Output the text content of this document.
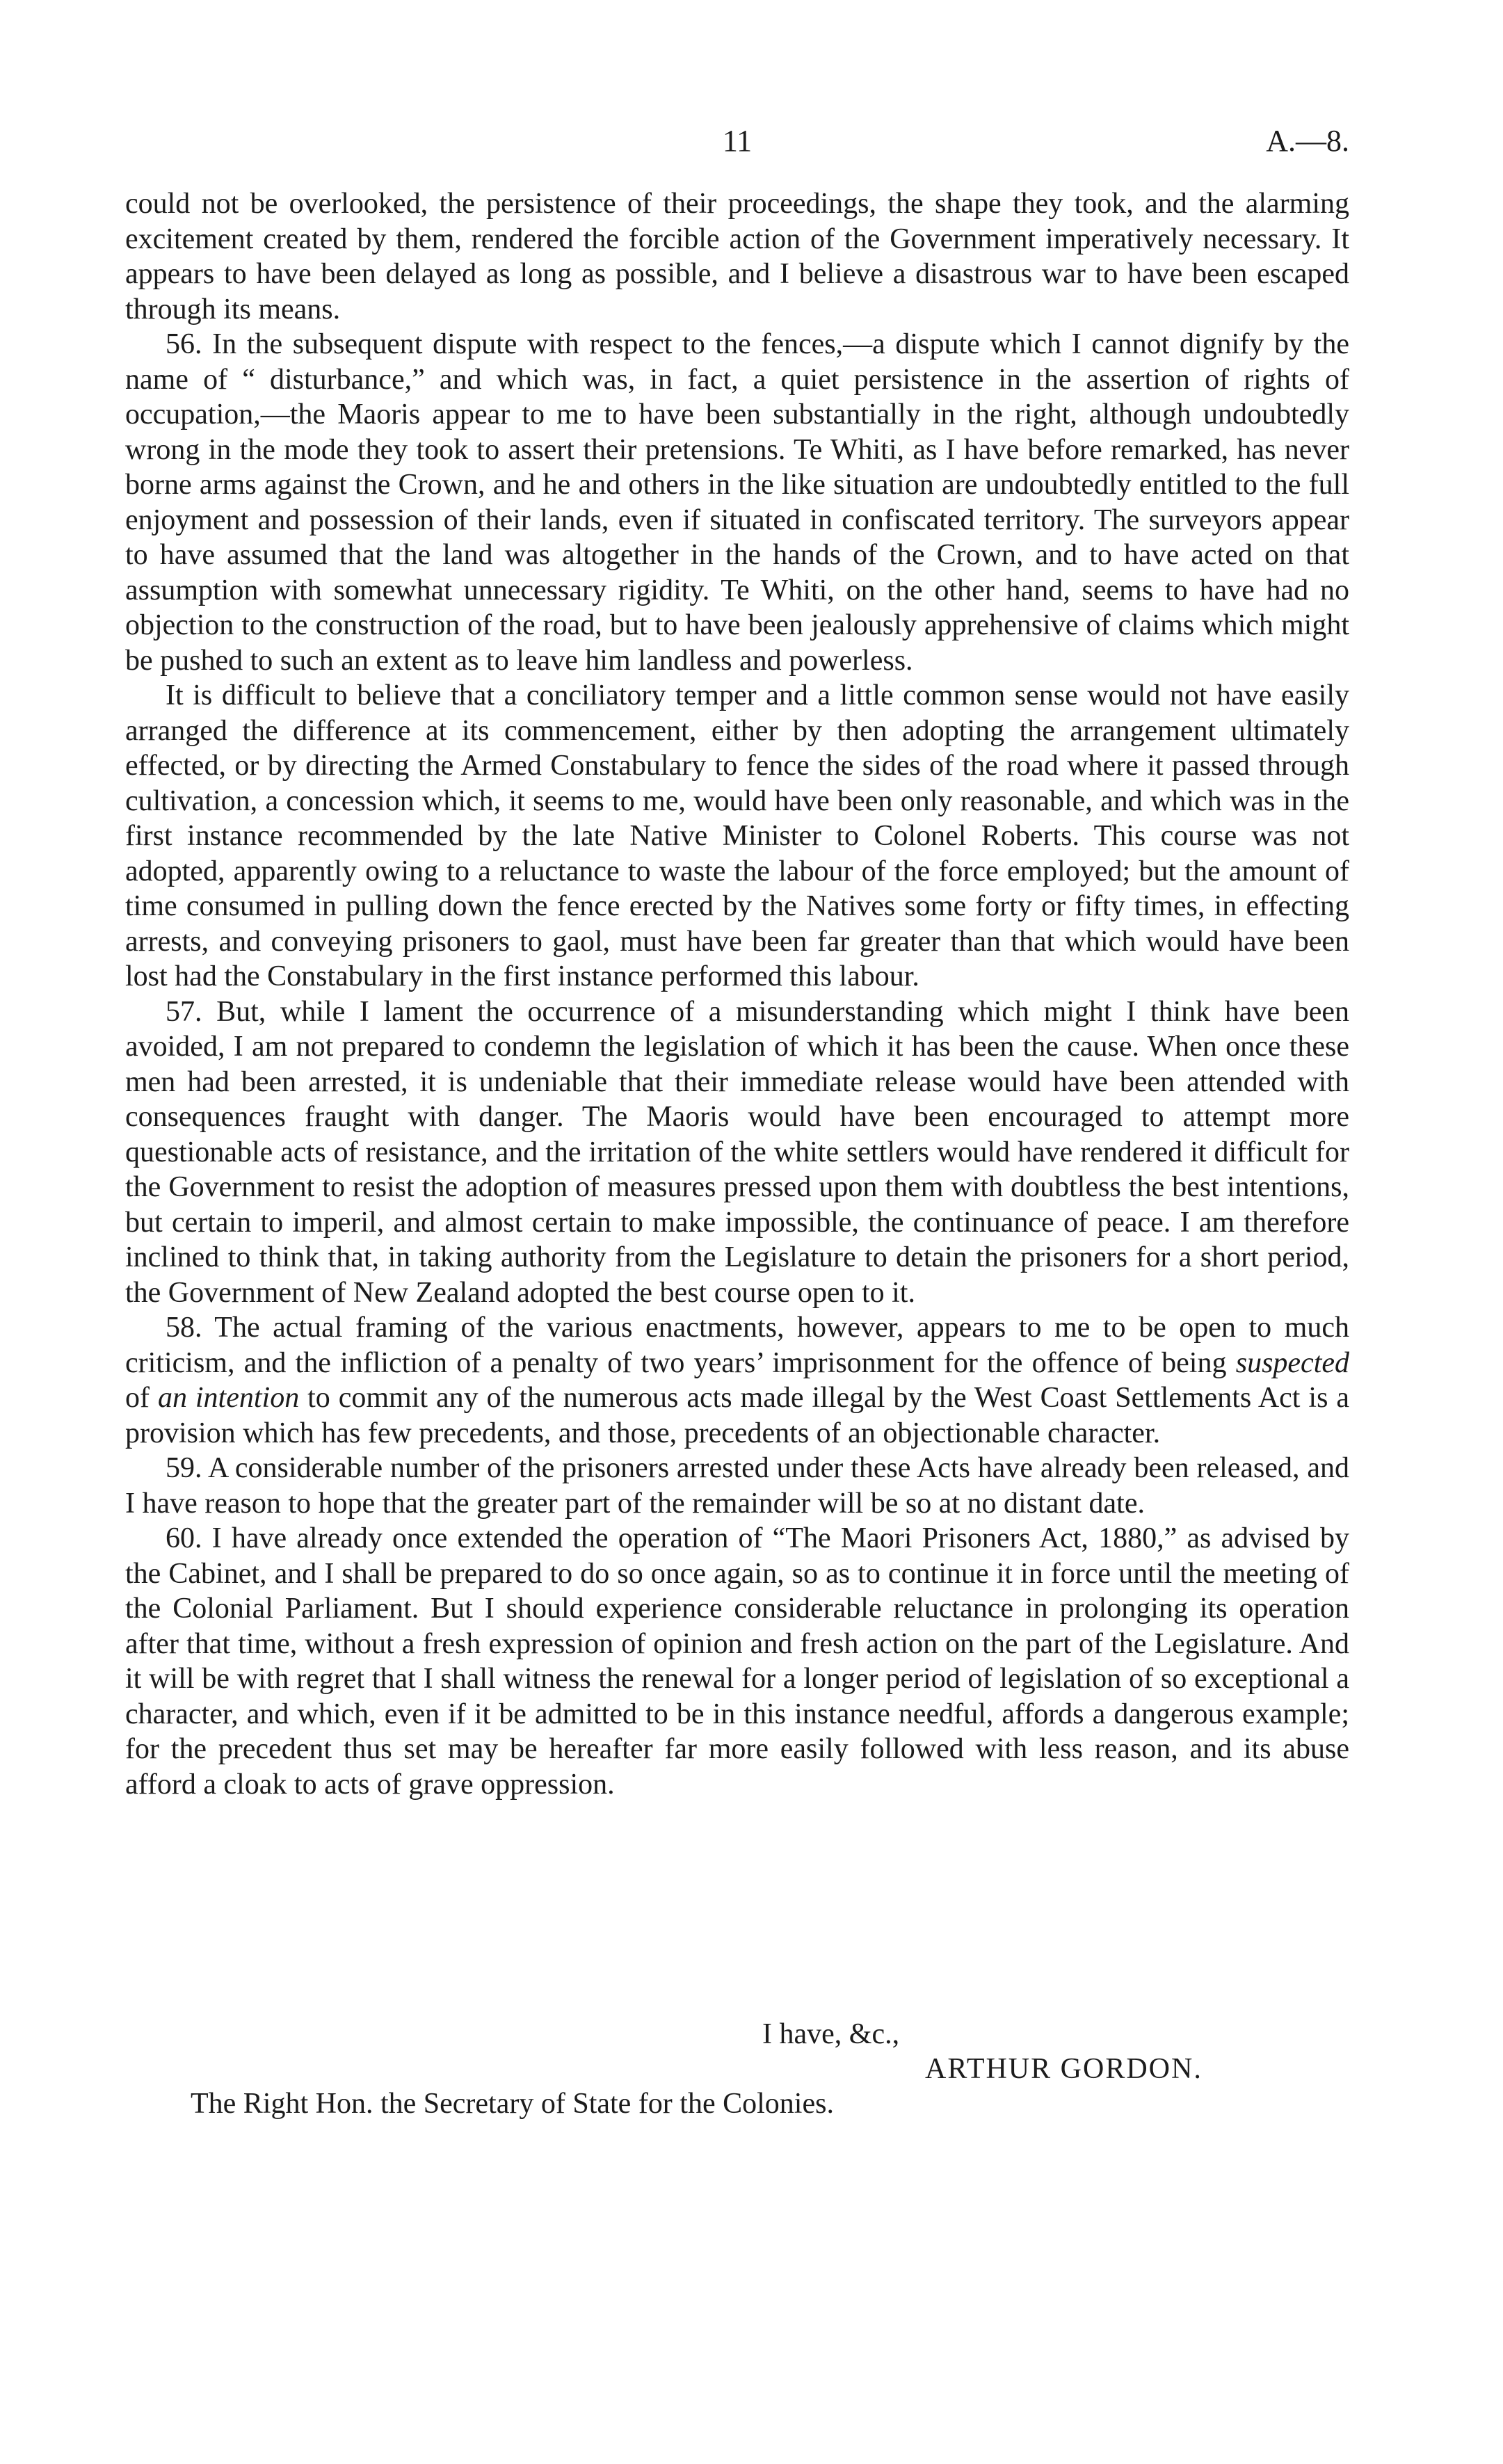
11	A.—8.

could not be overlooked, the persistence of their proceedings, the shape they took, and the alarming excitement created by them, rendered the forcible action of the Government imperatively necessary. It appears to have been delayed as long as possible, and I believe a disastrous war to have been escaped through its means.

56. In the subsequent dispute with respect to the fences,—a dispute which I cannot dignify by the name of “ disturbance,” and which was, in fact, a quiet persistence in the assertion of rights of occupation,—the Maoris appear to me to have been substantially in the right, although undoubtedly wrong in the mode they took to assert their pretensions. Te Whiti, as I have before remarked, has never borne arms against the Crown, and he and others in the like situation are undoubtedly entitled to the full enjoyment and possession of their lands, even if situated in confiscated territory. The surveyors appear to have assumed that the land was altogether in the hands of the Crown, and to have acted on that assumption with somewhat unnecessary rigidity. Te Whiti, on the other hand, seems to have had no objection to the construction of the road, but to have been jealously apprehensive of claims which might be pushed to such an extent as to leave him landless and powerless.

It is difficult to believe that a conciliatory temper and a little common sense would not have easily arranged the difference at its commencement, either by then adopting the arrangement ultimately effected, or by directing the Armed Constabulary to fence the sides of the road where it passed through cultivation, a concession which, it seems to me, would have been only reasonable, and which was in the first instance recommended by the late Native Minister to Colonel Roberts. This course was not adopted, apparently owing to a reluctance to waste the labour of the force employed; but the amount of time consumed in pulling down the fence erected by the Natives some forty or fifty times, in effecting arrests, and conveying prisoners to gaol, must have been far greater than that which would have been lost had the Constabulary in the first instance performed this labour.

57. But, while I lament the occurrence of a misunderstanding which might I think have been avoided, I am not prepared to condemn the legislation of which it has been the cause. When once these men had been arrested, it is undeniable that their immediate release would have been attended with consequences fraught with danger. The Maoris would have been encouraged to attempt more questionable acts of resistance, and the irritation of the white settlers would have rendered it difficult for the Government to resist the adoption of measures pressed upon them with doubtless the best intentions, but certain to imperil, and almost certain to make impossible, the continuance of peace. I am therefore inclined to think that, in taking authority from the Legislature to detain the prisoners for a short period, the Government of New Zealand adopted the best course open to it.

58. The actual framing of the various enactments, however, appears to me to be open to much criticism, and the infliction of a penalty of two years’ imprisonment for the offence of being suspected of an intention to commit any of the numerous acts made illegal by the West Coast Settlements Act is a provision which has few precedents, and those, precedents of an objectionable character.

59. A considerable number of the prisoners arrested under these Acts have already been released, and I have reason to hope that the greater part of the remainder will be so at no distant date.

60. I have already once extended the operation of “The Maori Prisoners Act, 1880,” as advised by the Cabinet, and I shall be prepared to do so once again, so as to continue it in force until the meeting of the Colonial Parliament. But I should experience considerable reluctance in prolonging its operation after that time, without a fresh expression of opinion and fresh action on the part of the Legislature. And it will be with regret that I shall witness the renewal for a longer period of legislation of so exceptional a character, and which, even if it be admitted to be in this instance needful, affords a dangerous example; for the precedent thus set may be hereafter far more easily followed with less reason, and its abuse afford a cloak to acts of grave oppression.

I have, &c.,
ARTHUR GORDON.
The Right Hon. the Secretary of State for the Colonies.
